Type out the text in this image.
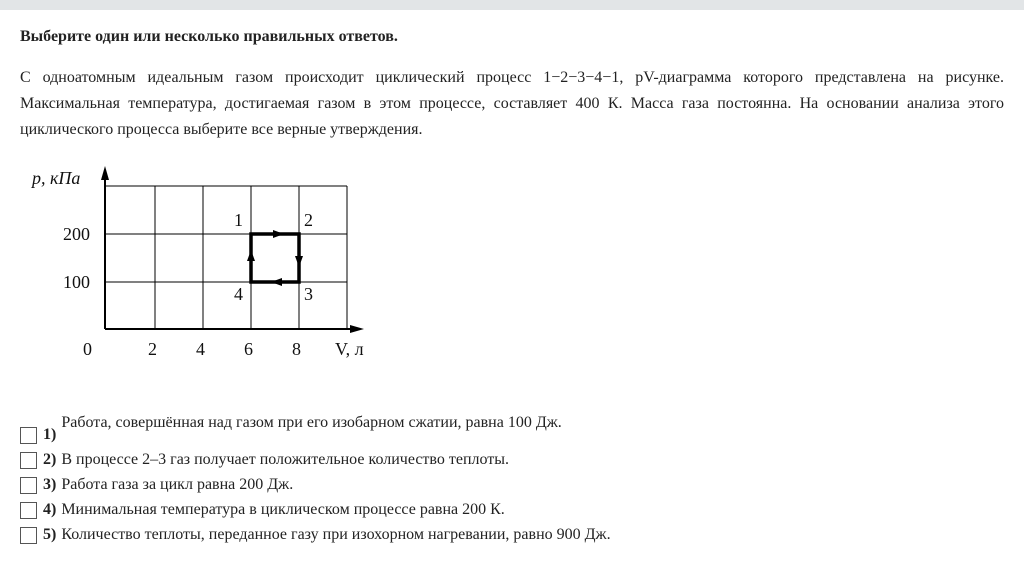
Выберите один или несколько правильных ответов.
С одноатомным идеальным газом происходит циклический процесс 1−2−3−4−1, pV-диаграмма которого представлена на рисунке. Максимальная температура, достигаемая газом в этом процессе, составляет 400 К. Масса газа постоянна. На основании анализа этого циклического процесса выберите все верные утверждения.
p, кПа
V, л
0	2 4 6 8
100
200
1	2
3
4
1)
Работа, совершённая над газом при его изобарном сжатии, равна 100 Дж.
2) В процессе 2–3 газ получает положительное количество теплоты.
3) Работа газа за цикл равна 200 Дж.
4) Минимальная температура в циклическом процессе равна 200 К.
5) Количество теплоты, переданное газу при изохорном нагревании, равно 900 Дж.
